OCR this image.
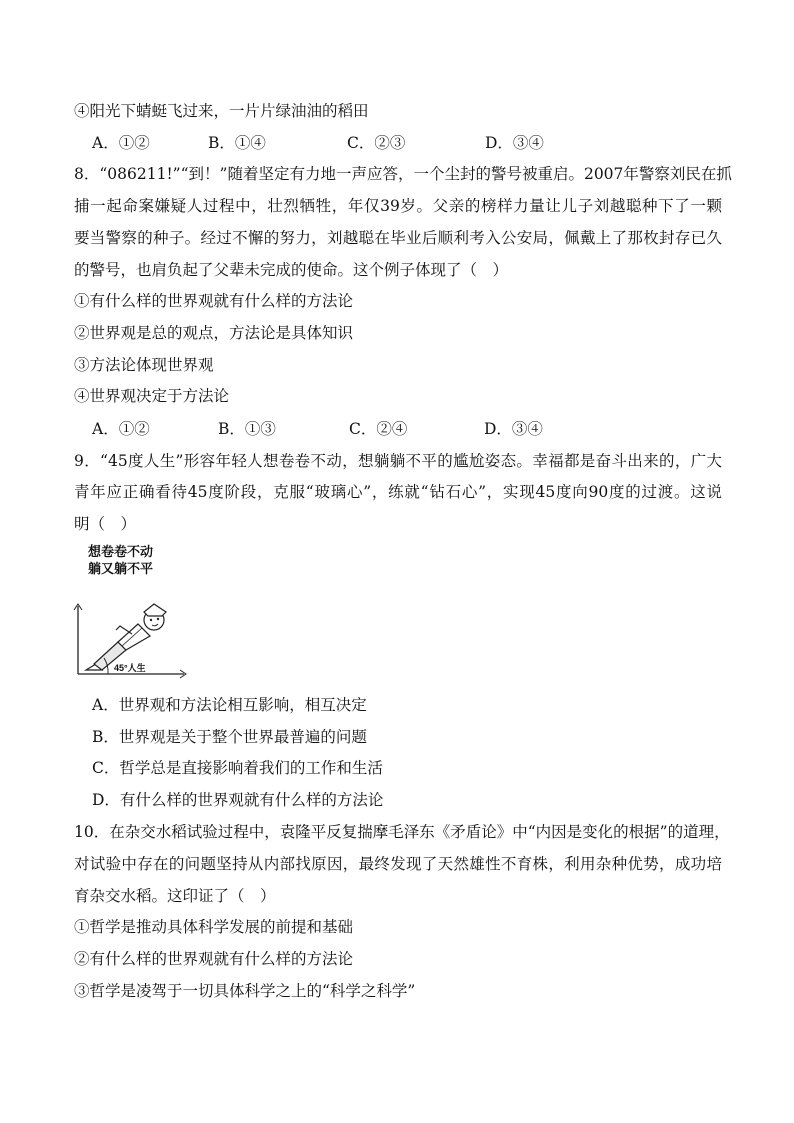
④阳光下蜻蜓飞过来，一片片绿油油的稻田
A．①②	B．①④	C．②③	D．③④
8．“086211!”“到！”随着坚定有力地一声应答，一个尘封的警号被重启。2007年警察刘民在抓
捕一起命案嫌疑人过程中，壮烈牺牲，年仅39岁。父亲的榜样力量让儿子刘越聪种下了一颗
要当警察的种子。经过不懈的努力，刘越聪在毕业后顺利考入公安局，佩戴上了那枚封存已久
的警号，也肩负起了父辈未完成的使命。这个例子体现了（　）
①有什么样的世界观就有什么样的方法论
②世界观是总的观点，方法论是具体知识
③方法论体现世界观
④世界观决定于方法论
A．①②	B．①③	C．②④	D．③④
9．“45度人生”形容年轻人想卷卷不动，想躺躺不平的尴尬姿态。幸福都是奋斗出来的，广大
青年应正确看待45度阶段，克服“玻璃心”，练就“钻石心”，实现45度向90度的过渡。这说
明（　）
想卷卷不动
躺又躺不平
45°人生
A．世界观和方法论相互影响，相互决定
B．世界观是关于整个世界最普遍的问题
C．哲学总是直接影响着我们的工作和生活
D．有什么样的世界观就有什么样的方法论
10．在杂交水稻试验过程中，袁隆平反复揣摩毛泽东《矛盾论》中“内因是变化的根据”的道理，
对试验中存在的问题坚持从内部找原因，最终发现了天然雄性不育株，利用杂种优势，成功培
育杂交水稻。这印证了（　）
①哲学是推动具体科学发展的前提和基础
②有什么样的世界观就有什么样的方法论
③哲学是凌驾于一切具体科学之上的“科学之科学”
